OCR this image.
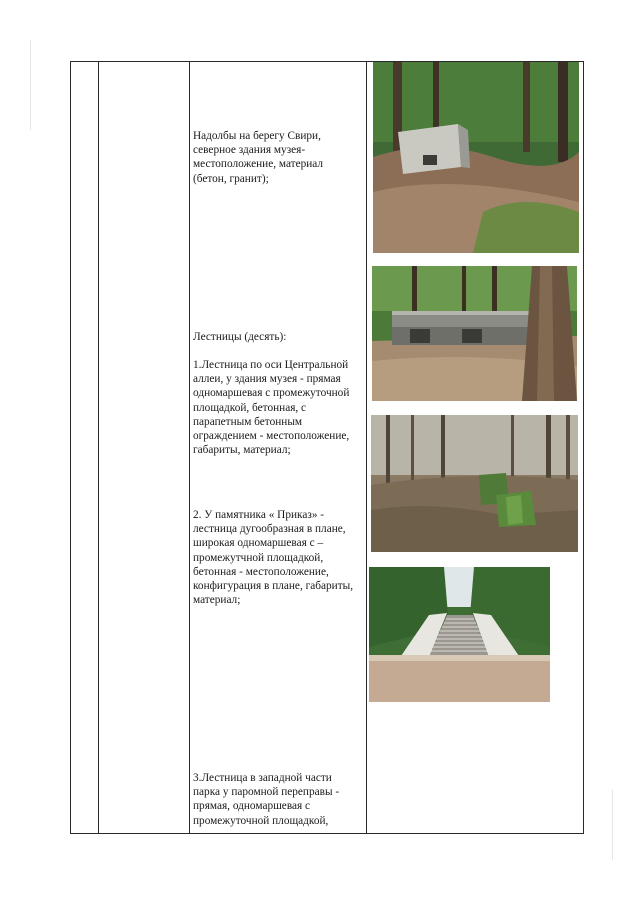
Надолбы на берегу Свири,
северное здания музея-
местоположение, материал
(бетон, гранит);
Лестницы (десять):
1.Лестница по оси Центральной
аллеи, у здания музея - прямая
одномаршевая с промежуточной
площадкой, бетонная, с
парапетным бетонным
ограждением - местоположение,
габариты, материал;
2. У памятника « Приказ» -
лестница дугообразная в плане,
широкая одномаршевая с –
промежутчной площадкой,
бетонная - местоположение,
конфигурация в плане, габариты,
материал;
3.Лестница в западной части
парка у паромной переправы -
прямая, одномаршевая с
промежуточной площадкой,
